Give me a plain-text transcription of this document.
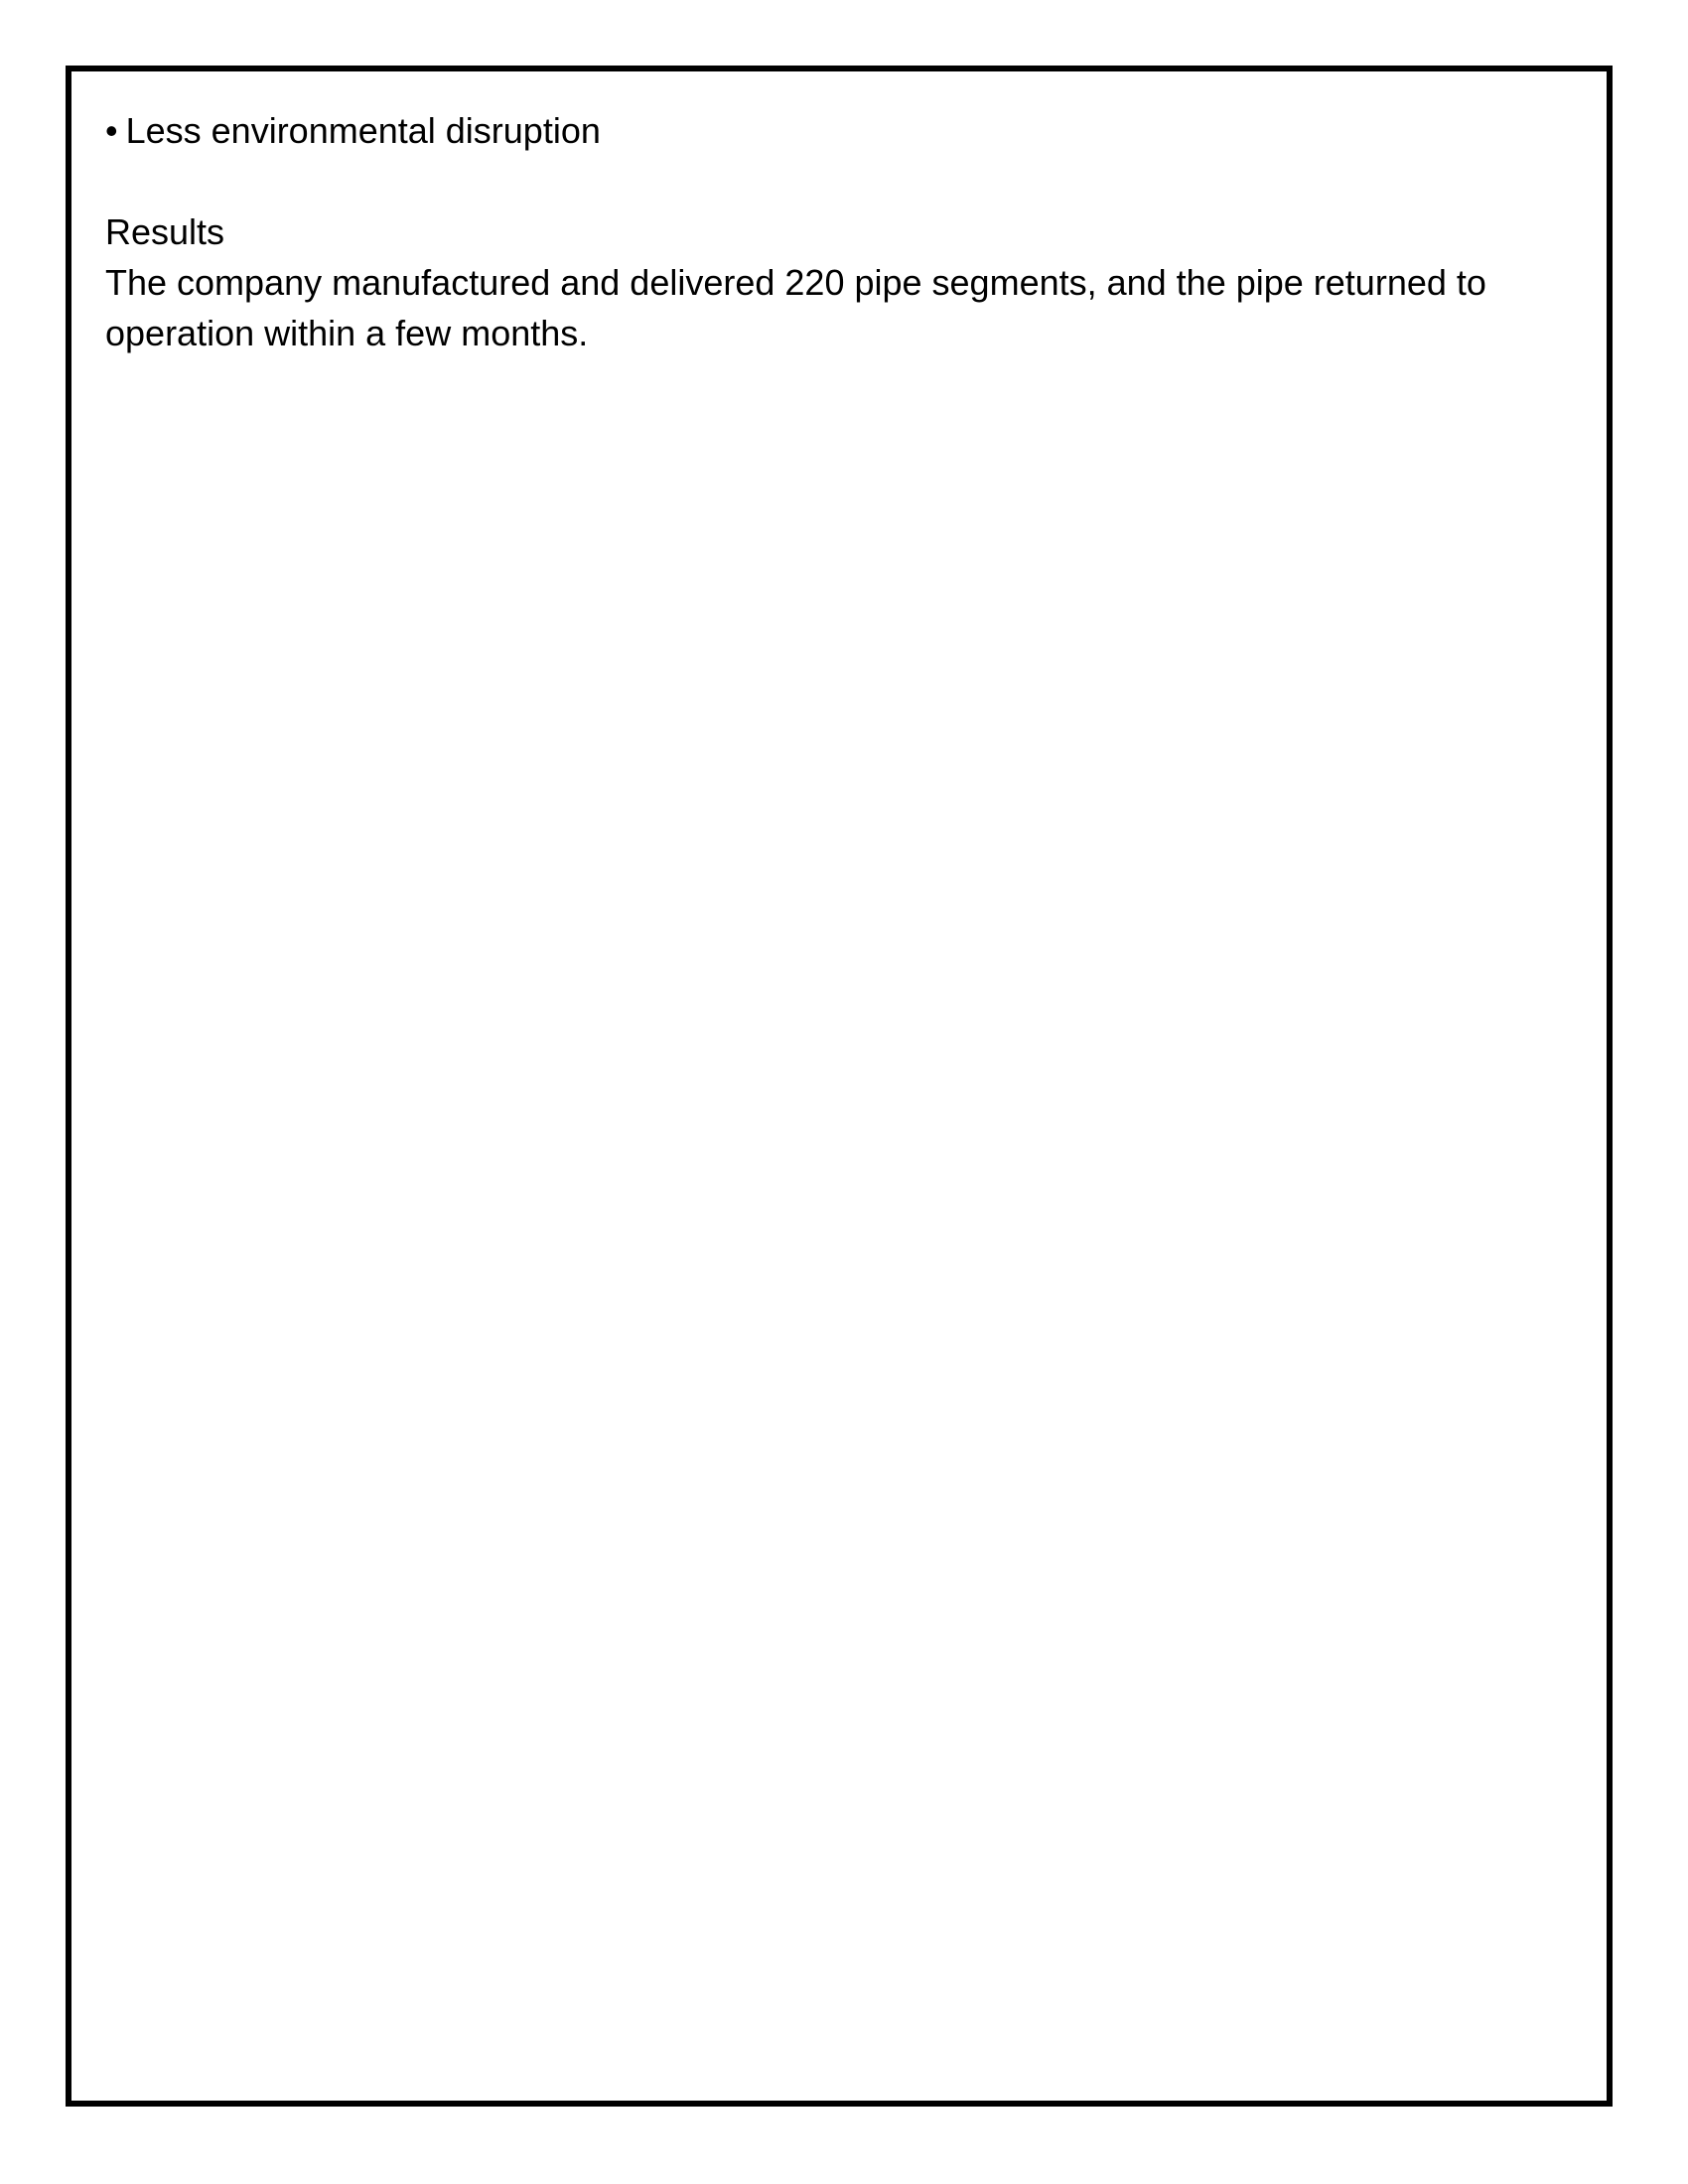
• Less environmental disruption
Results

The company manufactured and delivered 220 pipe segments, and the pipe returned to operation within a few months.
